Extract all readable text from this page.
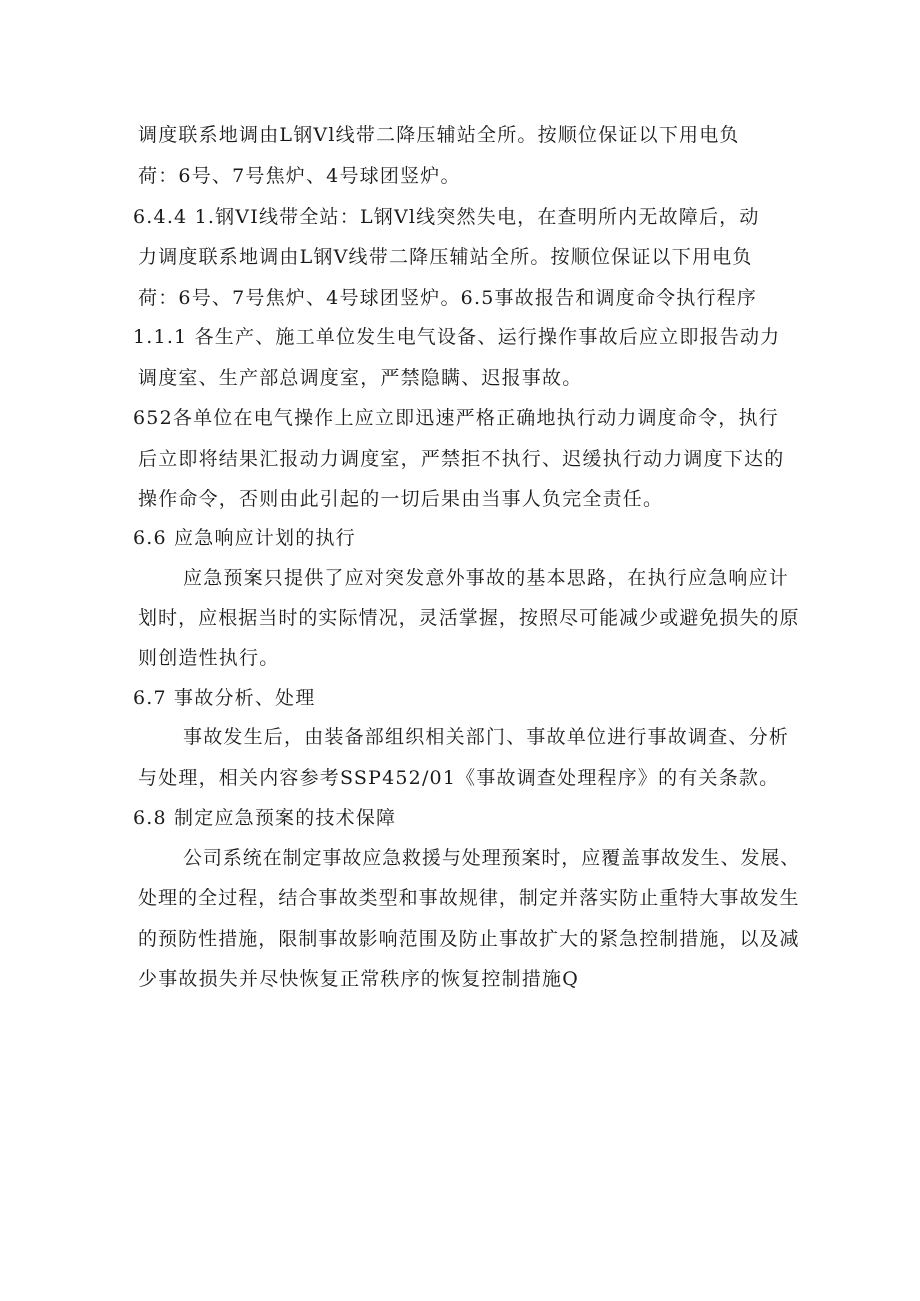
调度联系地调由L钢Vl线带二降压辅站全所。按顺位保证以下用电负
荷：6号、7号焦炉、4号球团竖炉。
6.4.4 1.钢VI线带全站：L钢Vl线突然失电，在查明所内无故障后，动
力调度联系地调由L钢V线带二降压辅站全所。按顺位保证以下用电负
荷：6号、7号焦炉、4号球团竖炉。6.5事故报告和调度命令执行程序
1.1.1 各生产、施工单位发生电气设备、运行操作事故后应立即报告动力
调度室、生产部总调度室，严禁隐瞒、迟报事故。
652各单位在电气操作上应立即迅速严格正确地执行动力调度命令，执行
后立即将结果汇报动力调度室，严禁拒不执行、迟缓执行动力调度下达的
操作命令，否则由此引起的一切后果由当事人负完全责任。
6.6 应急响应计划的执行
应急预案只提供了应对突发意外事故的基本思路，在执行应急响应计
划时，应根据当时的实际情况，灵活掌握，按照尽可能减少或避免损失的原
则创造性执行。
6.7 事故分析、处理
事故发生后，由装备部组织相关部门、事故单位进行事故调查、分析
与处理，相关内容参考SSP452/01《事故调查处理程序》的有关条款。
6.8 制定应急预案的技术保障
公司系统在制定事故应急救援与处理预案时，应覆盖事故发生、发展、
处理的全过程，结合事故类型和事故规律，制定并落实防止重特大事故发生
的预防性措施，限制事故影响范围及防止事故扩大的紧急控制措施，以及减
少事故损失并尽快恢复正常秩序的恢复控制措施Q
